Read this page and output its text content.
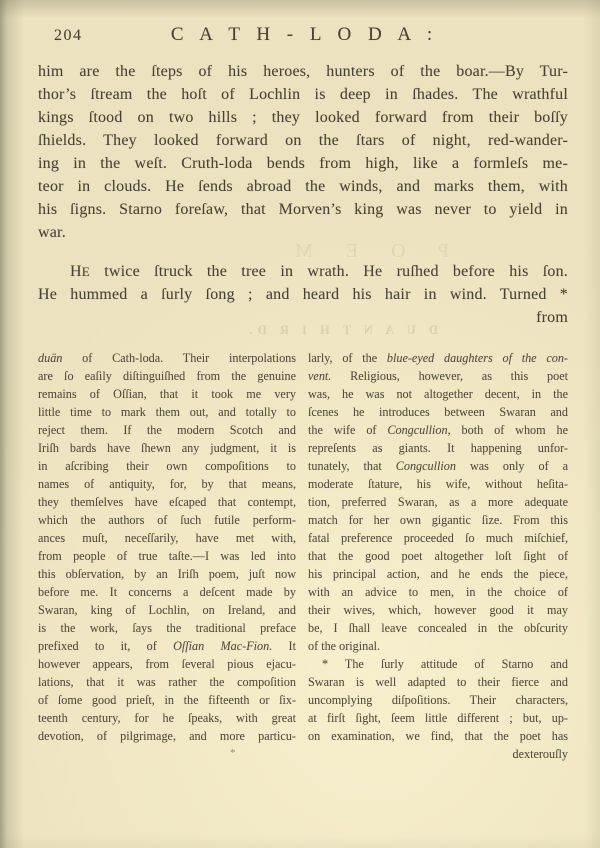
P O E M
D U A N T H I R D.
204	C A T H - L O D A :
him are the ſteps of his heroes, hunters of the boar.—By Tur-
thor’s ſtream the hoſt of Lochlin is deep in ſhades. The wrathful
kings ſtood on two hills ; they looked forward from their boſſy
ſhields. They looked forward on the ſtars of night, red-wander-
ing in the weſt. Cruth-loda bends from high, like a formleſs me-
teor in clouds. He ſends abroad the winds, and marks them, with
his ſigns. Starno foreſaw, that Morven’s king was never to yield in
war.
HE twice ſtruck the tree in wrath. He ruſhed before his ſon.
He hummed a ſurly ſong ; and heard his hair in wind. Turned *
from
duän of Cath-loda. Their interpolations
are ſo eaſily diſtinguiſhed from the genuine
remains of Oſſian, that it took me very
little time to mark them out, and totally to
reject them. If the modern Scotch and
Iriſh bards have ſhewn any judgment, it is
in aſcribing their own compoſitions to
names of antiquity, for, by that means,
they themſelves have eſcaped that contempt,
which the authors of ſuch futile perform-
ances muſt, neceſſarily, have met with,
from people of true taſte.—I was led into
this obſervation, by an Iriſh poem, juſt now
before me. It concerns a deſcent made by
Swaran, king of Lochlin, on Ireland, and
is the work, ſays the traditional preface
prefixed to it, of Oſſian Mac-Fion. It
however appears, from ſeveral pious ejacu-
lations, that it was rather the compoſition
of ſome good prieſt, in the fifteenth or ſix-
teenth century, for he ſpeaks, with great
devotion, of pilgrimage, and more particu-
larly, of the blue-eyed daughters of the con-
vent. Religious, however, as this poet
was, he was not altogether decent, in the
ſcenes he introduces between Swaran and
the wife of Congcullion, both of whom he
repreſents as giants. It happening unfor-
tunately, that Congcullion was only of a
moderate ſtature, his wife, without heſita-
tion, preferred Swaran, as a more adequate
match for her own gigantic ſize. From this
fatal preference proceeded ſo much miſchief,
that the good poet altogether loſt ſight of
his principal action, and he ends the piece,
with an advice to men, in the choice of
their wives, which, however good it may
be, I ſhall leave concealed in the obſcurity
of the original.
* The ſurly attitude of Starno and
Swaran is well adapted to their fierce and
uncomplying diſpoſitions. Their characters,
at firſt ſight, ſeem little different ; but, up-
on examination, we find, that the poet has
dexterouſly
*
